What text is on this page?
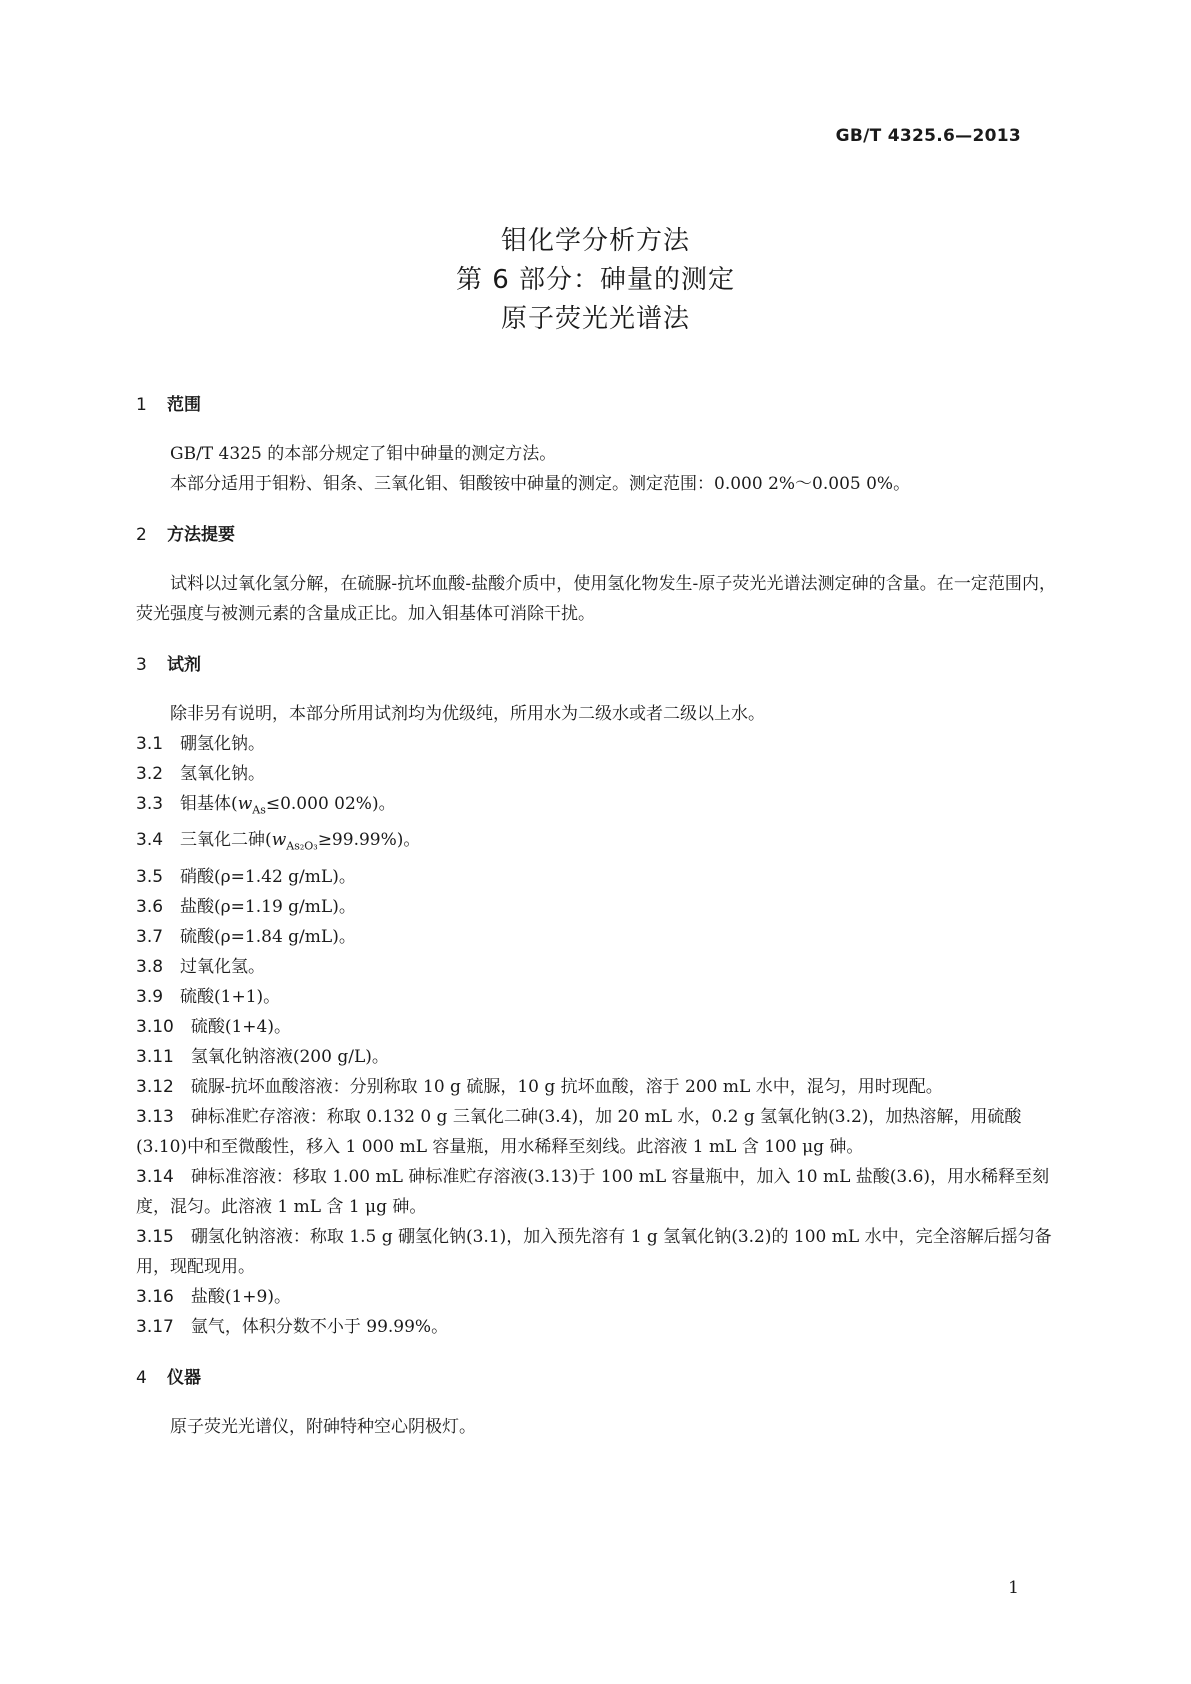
GB/T 4325.6—2013
钼化学分析方法
第 6 部分：砷量的测定
原子荧光光谱法
1 范围
GB/T 4325 的本部分规定了钼中砷量的测定方法。
本部分适用于钼粉、钼条、三氧化钼、钼酸铵中砷量的测定。测定范围：0.000 2%～0.005 0%。
2 方法提要
试料以过氧化氢分解，在硫脲-抗坏血酸-盐酸介质中，使用氢化物发生-原子荧光光谱法测定砷的含量。在一定范围内，荧光强度与被测元素的含量成正比。加入钼基体可消除干扰。
3 试剂
除非另有说明，本部分所用试剂均为优级纯，所用水为二级水或者二级以上水。
3.1 硼氢化钠。
3.2 氢氧化钠。
3.3 钼基体($w_{As}\le 0.000$ 02%)。
3.4 三氧化二砷$(w_{As_2O_3}\ge 99.99\%)$。
3.5 硝酸(ρ=1.42 g/mL)。
3.6 盐酸(ρ=1.19 g/mL)。
3.7 硫酸(ρ=1.84 g/mL)。
3.8 过氧化氢。
3.9 硫酸(1+1)。
3.10 硫酸(1+4)。
3.11 氢氧化钠溶液(200 g/L)。
3.12 硫脲-抗坏血酸溶液：分别称取 10 g 硫脲，10 g 抗坏血酸，溶于 200 mL 水中，混匀，用时现配。
3.13 砷标准贮存溶液：称取 0.132 0 g 三氧化二砷(3.4)，加 20 mL 水，0.2 g 氢氧化钠(3.2)，加热溶解，用硫酸(3.10)中和至微酸性，移入 1 000 mL 容量瓶，用水稀释至刻线。此溶液 1 mL 含 100 μg 砷。
3.14 砷标准溶液：移取 1.00 mL 砷标准贮存溶液(3.13)于 100 mL 容量瓶中，加入 10 mL 盐酸(3.6)，用水稀释至刻度，混匀。此溶液 1 mL 含 1 μg 砷。
3.15 硼氢化钠溶液：称取 1.5 g 硼氢化钠(3.1)，加入预先溶有 1 g 氢氧化钠(3.2)的 100 mL 水中，完全溶解后摇匀备用，现配现用。
3.16 盐酸(1+9)。
3.17 氩气，体积分数不小于 99.99%。
4 仪器
原子荧光光谱仪，附砷特种空心阴极灯。
1
